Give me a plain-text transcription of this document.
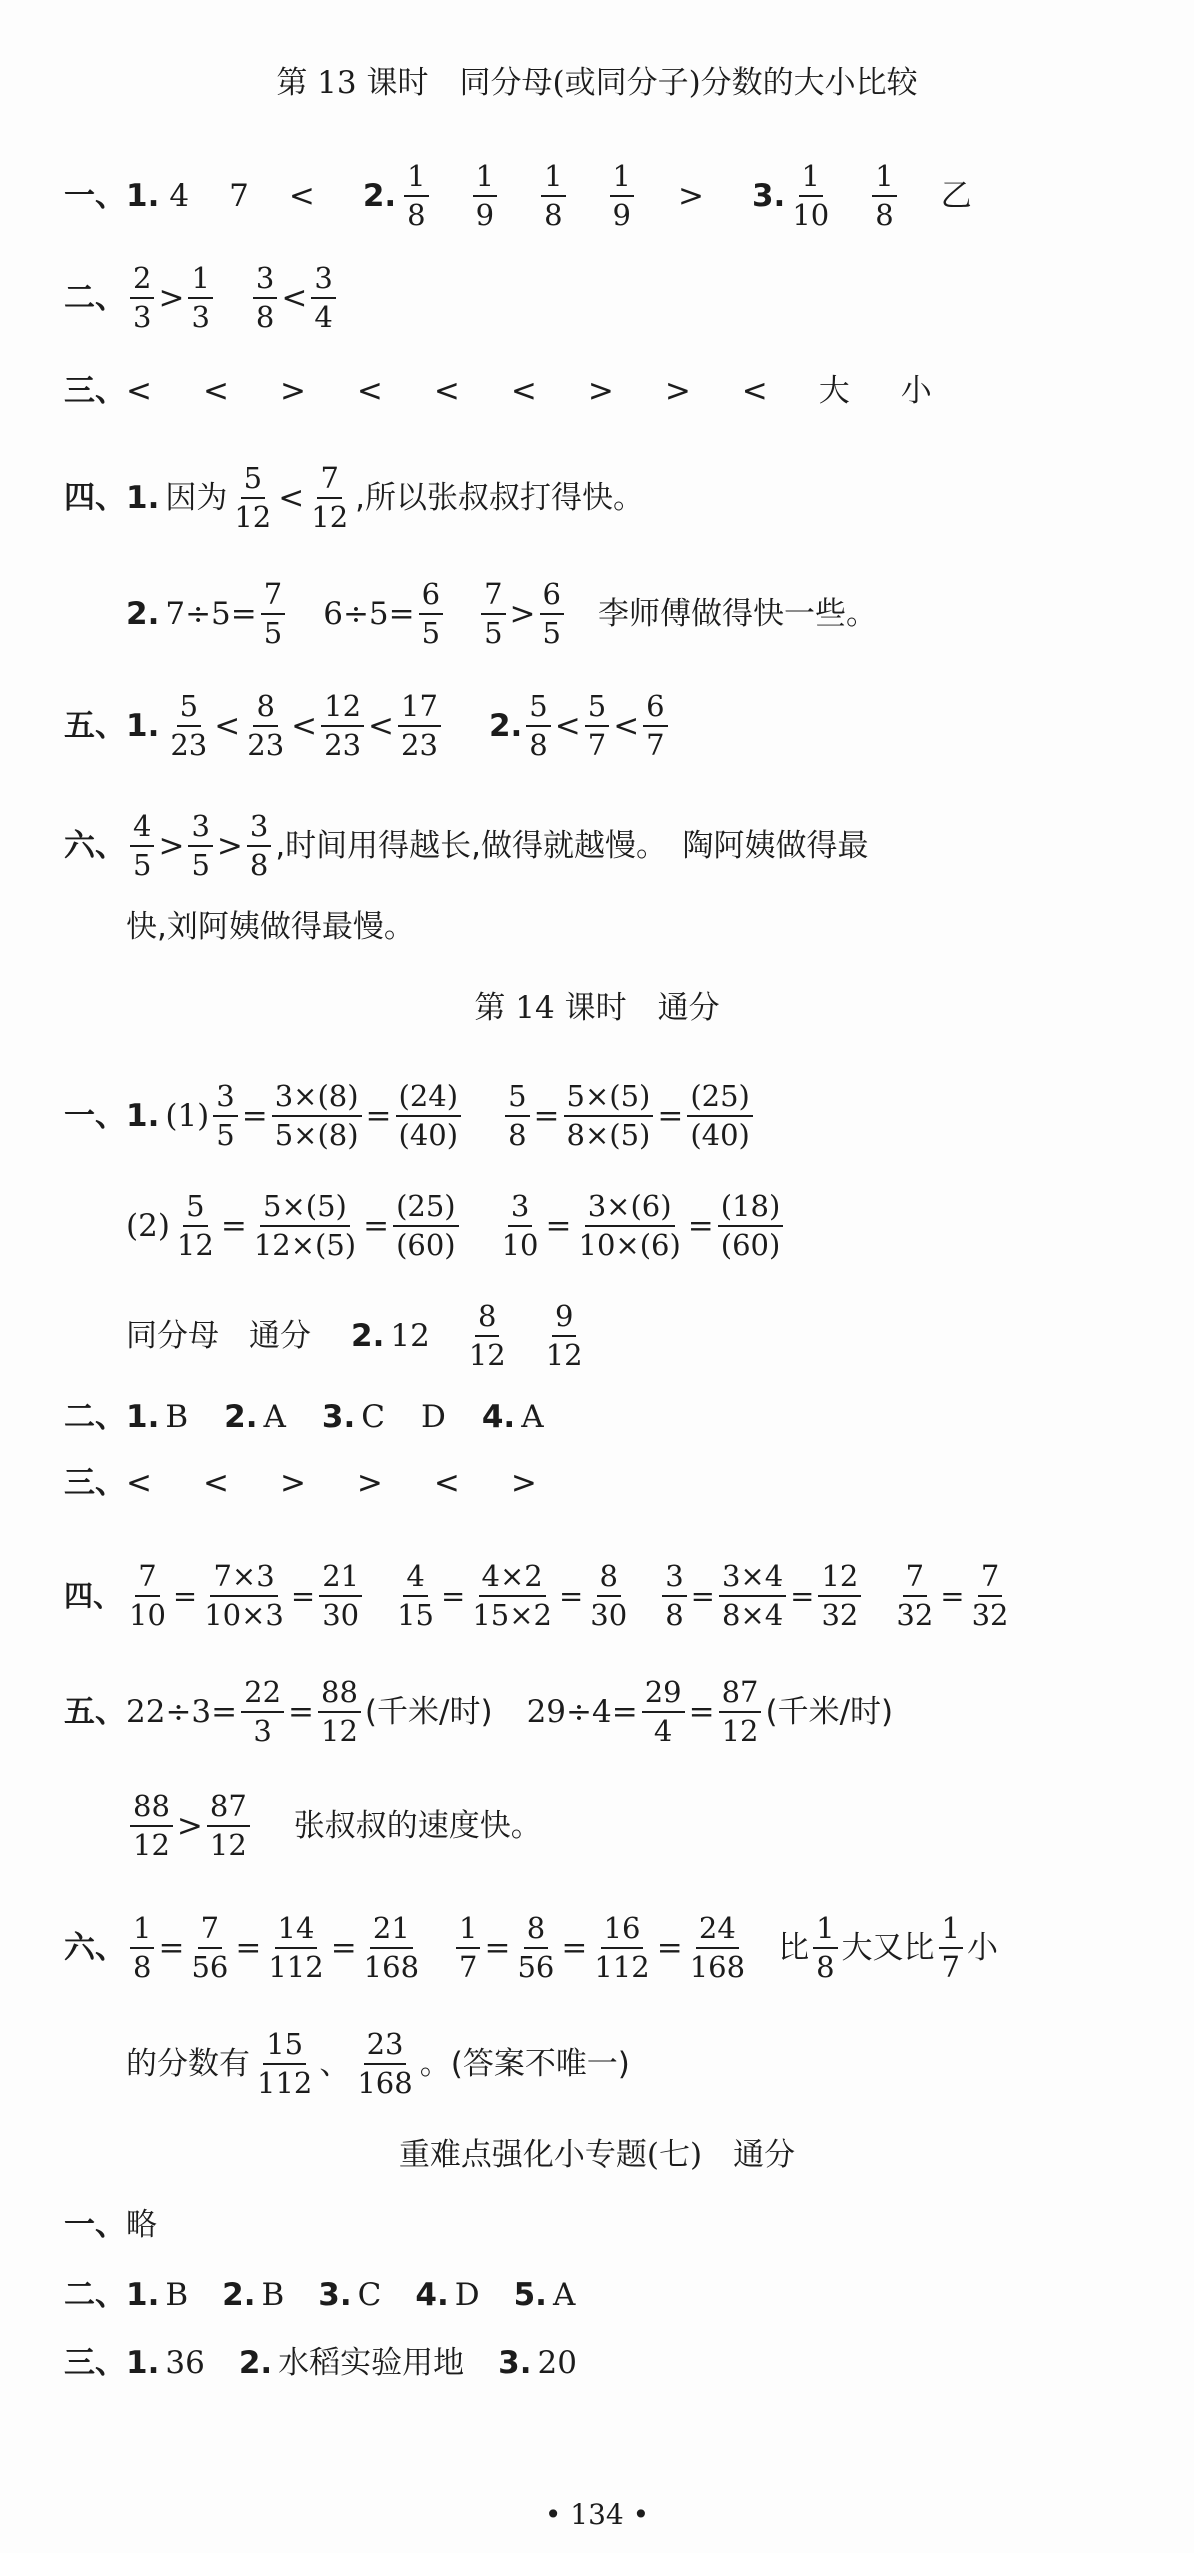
第 13 课时　同分母(或同分子)分数的大小比较
一、1. 4 7 < 2. $\frac{1}{8} \frac{1}{9} \frac{1}{8} \frac{1}{9} > 3$. $\frac{1}{10} \frac{1}{8}$ 乙
二、 $\frac{2}{3} > \frac{1}{3} \frac{3}{8} < \frac{3}{4}$
三、 <　<　>　<　<　<　>　>　<　大　小
四、1. 因为 $\frac{5}{12} < \frac{7}{12}$ ,所以张叔叔打得快。
2. $7\div 5= \frac{7}{5} 6\div 5= \frac{6}{5} \frac{7}{5} > \frac{6}{5}$ 李师傅做得快一些。
五、1. $\frac{5}{23} < \frac{8}{23} < \frac{12}{23} < \frac{17}{23} 2$. $\frac{5}{8} < \frac{5}{7} < \frac{6}{7}$
六、 $\frac{4}{5} > \frac{3}{5} > \frac{3}{8}$ ,时间用得越长,做得就越慢。　陶阿姨做得最
快,刘阿姨做得最慢。
第 14 课时　通分
一、1. $(1) \frac{3}{5} = \frac{3\times(8)}{5\times(8)} = \frac{(24)}{(40)} \frac{5}{8} = \frac{5\times(5)}{8\times(5)} = \frac{(25)}{(40)}$
$(2) \frac{5}{12} = \frac{5\times(5)}{12\times(5)} = \frac{(25)}{(60)} \frac{3}{10} = \frac{3\times(6)}{10\times(6)} = \frac{(18)}{(60)}$
同分母 通分 2. $12 \frac{8}{12} \frac{9}{12}$
二、 1. B 2. A 3. C D 4. A
三、 <　<　>　>　<　>
四、 $\frac{7}{10} = \frac{7\times 3}{10\times 3} = \frac{21}{30} \frac{4}{15} = \frac{4\times 2}{15\times 2} = \frac{8}{30} \frac{3}{8} = \frac{3\times 4}{8\times 4} = \frac{12}{32} \frac{7}{32} = \frac{7}{32}$
五、 $22\div 3= \frac{22}{3} = \frac{88}{12}$ (千米/时) $29\div 4= \frac{29}{4} = \frac{87}{12}$ (千米/时)
$\frac{88}{12} > \frac{87}{12}$ 张叔叔的速度快。
六、 $\frac{1}{8} = \frac{7}{56} = \frac{14}{112} = \frac{21}{168} \frac{1}{7} = \frac{8}{56} = \frac{16}{112} = \frac{24}{168}$ 比 $\frac{1}{8}$ 大又比 $\frac{1}{7}$ 小
的分数有 $\frac{15}{112}$ 、 $\frac{23}{168}$ 。(答案不唯一)
重难点强化小专题(七)　通分
一、 略
二、 1. B 2. B 3. C 4. D 5. A
三、 1. 36 2. 水稻实验用地 3. 20
• 134 •
